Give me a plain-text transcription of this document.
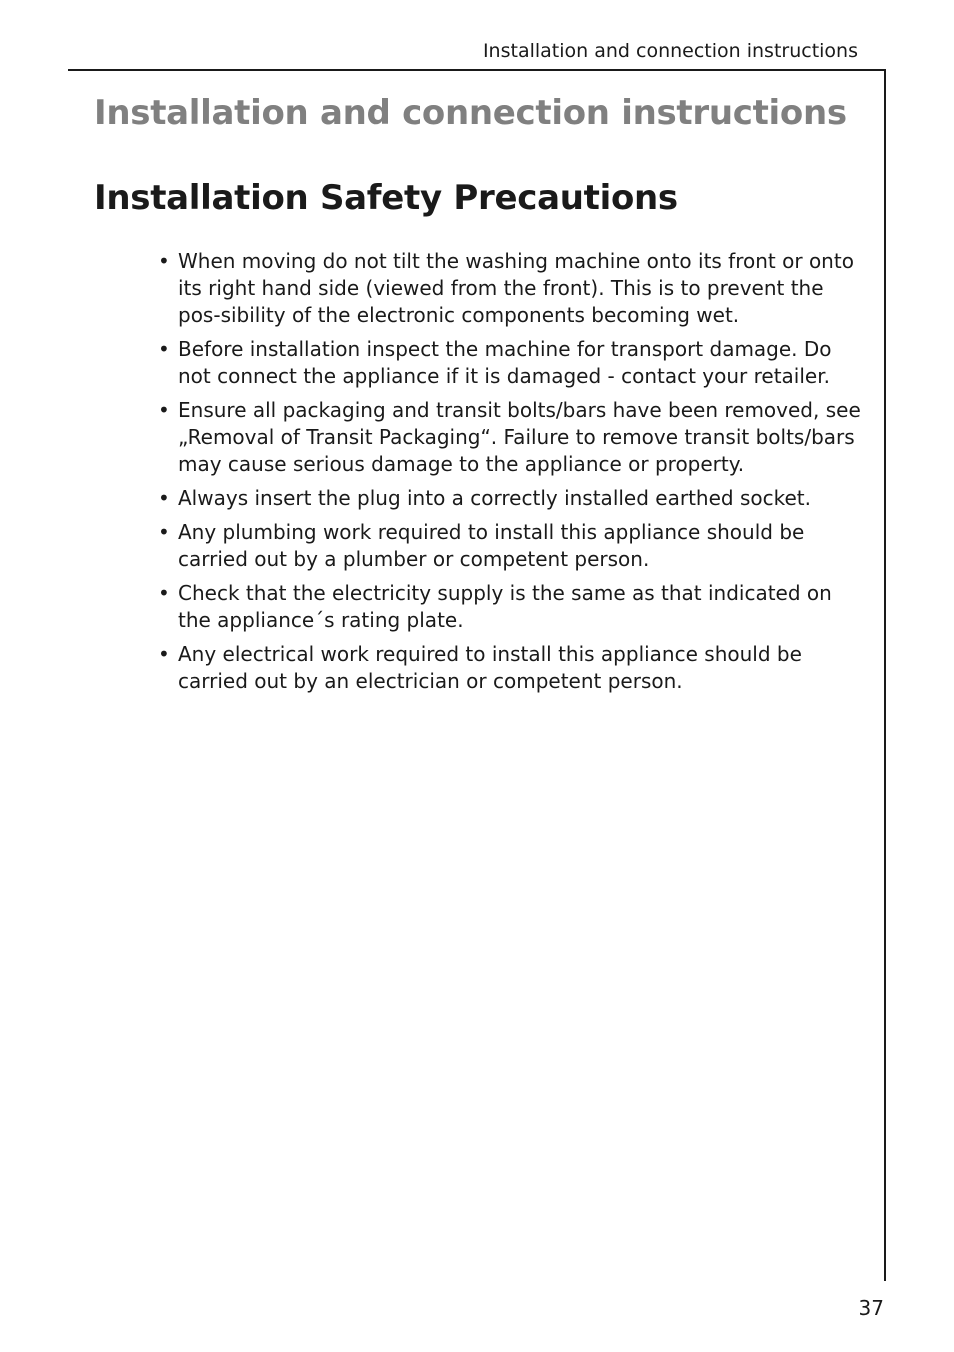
Installation and connection instructions
Installation and connection instructions
Installation Safety Precautions
• When moving do not tilt the washing machine onto its front or onto its right hand side (viewed from the front). This is to prevent the pos-sibility of the electronic components becoming wet.
• Before installation inspect the machine for transport damage. Do not connect the appliance if it is damaged - contact your retailer.
• Ensure all packaging and transit bolts/bars have been removed, see „Removal of Transit Packaging“. Failure to remove transit bolts/bars may cause serious damage to the appliance or property.
• Always insert the plug into a correctly installed earthed socket.
• Any plumbing work required to install this appliance should be carried out by a plumber or competent person.
• Check that the electricity supply is the same as that indicated on the appliance´s rating plate.
• Any electrical work required to install this appliance should be carried out by an electrician or competent person.
37
